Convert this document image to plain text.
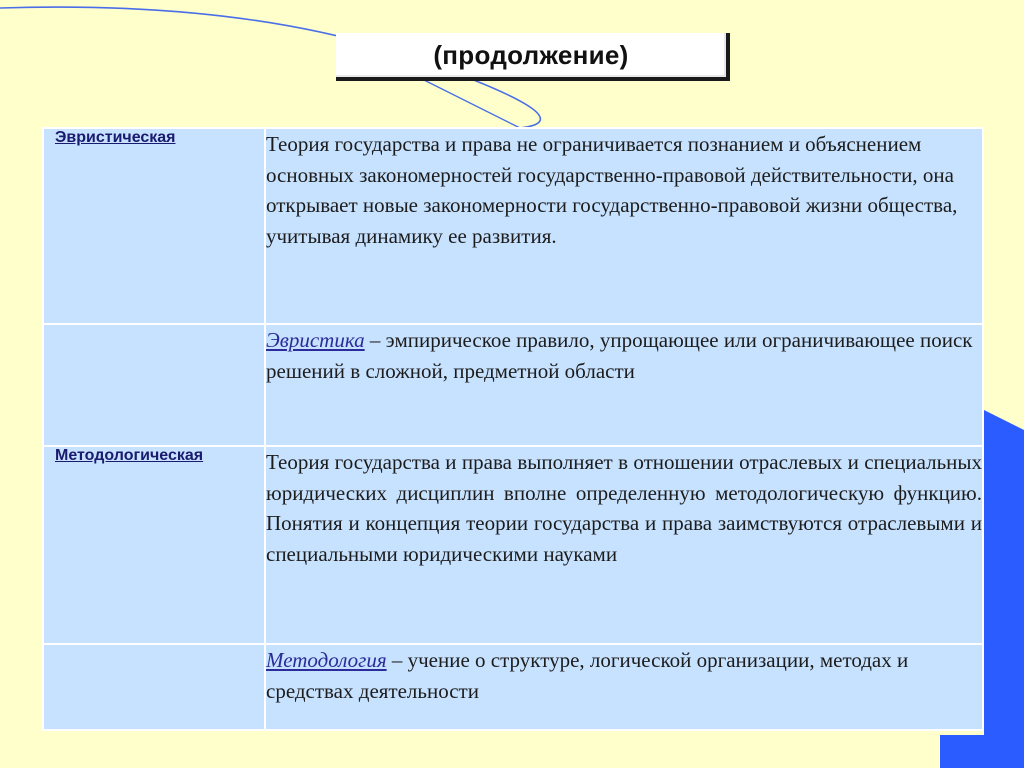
(продолжение)
Эвристическая	Теория государства и права не ограничивается познанием и объяснением основных закономерностей государственно-правовой действительности, она открывает новые закономерности государственно-правовой жизни общества, учитывая динамику ее развития.

	Эвристика – эмпирическое правило, упрощающее или ограничивающее поиск решений в сложной, предметной области

Методологическая	Теория государства и права выполняет в отношении отраслевых и специальных юридических дисциплин вполне определенную методологическую функцию. Понятия и концепция теории государства и права заимствуются отраслевыми и специальными юридическими науками

	Методология – учение о структуре, логической организации, методах и средствах деятельности
